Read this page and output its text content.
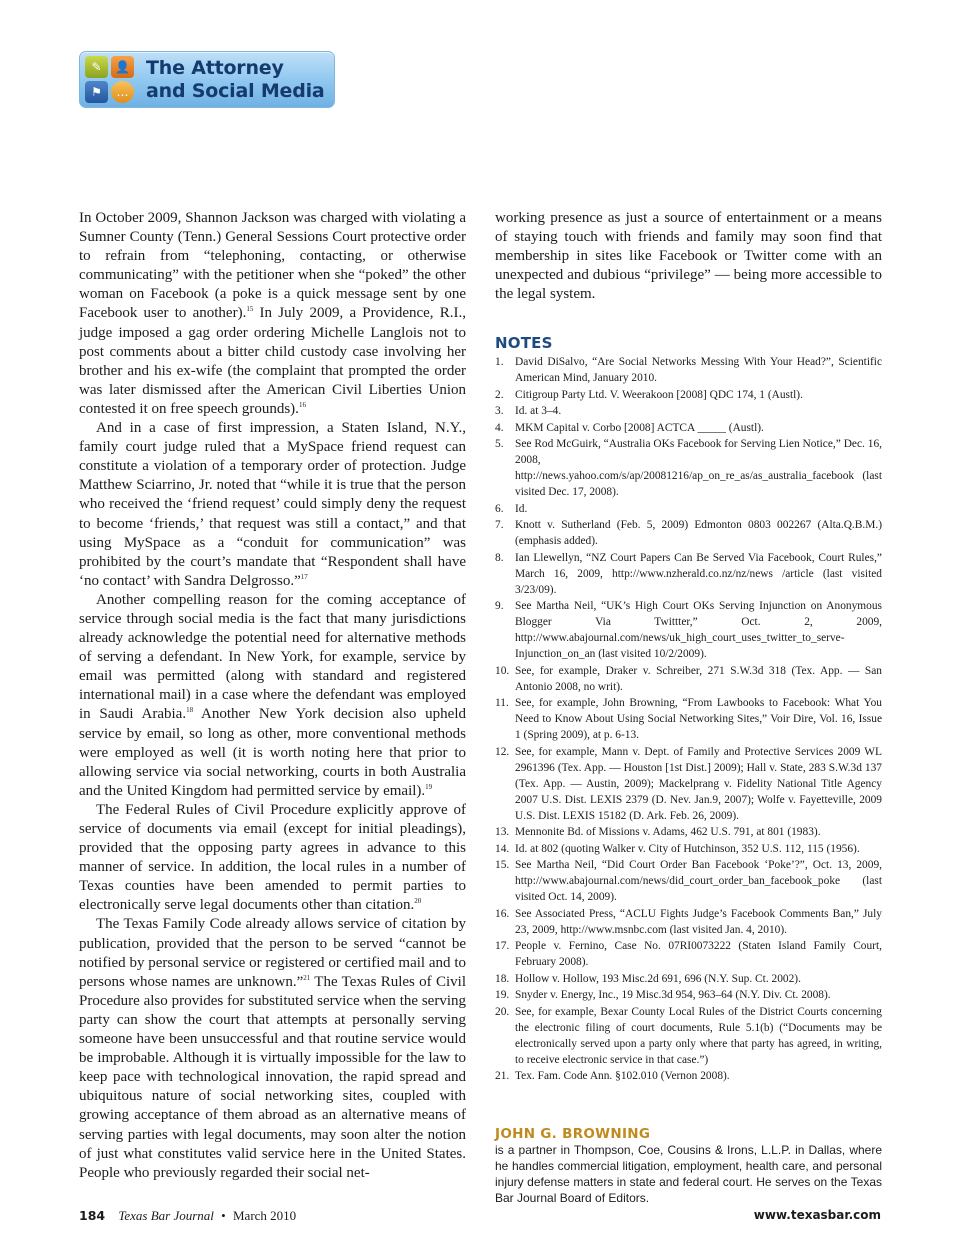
✎	👤
⚑	…
The Attorney
and Social Media

In October 2009, Shannon Jackson was charged with violating a Sumner County (Tenn.) General Sessions Court protective order to refrain from “telephoning, contacting, or otherwise communicating” with the petitioner when she “poked” the other woman on Facebook (a poke is a quick message sent by one Facebook user to another).$^{15}$ In July 2009, a Providence, R.I., judge imposed a gag order ordering Michelle Langlois not to post comments about a bitter child custody case involving her brother and his ex-wife (the complaint that prompted the order was later dismissed after the American Civil Liberties Union contested it on free speech grounds).$^{16}$

And in a case of first impression, a Staten Island, N.Y., family court judge ruled that a MySpace friend request can constitute a violation of a temporary order of protection. Judge Matthew Sciarrino, Jr. noted that “while it is true that the person who received the ‘friend request’ could simply deny the request to become ‘friends,’ that request was still a contact,” and that using MySpace as a “conduit for communication” was prohibited by the court’s mandate that “Respondent shall have ‘no contact’ with Sandra Delgrosso.”$^{17}$

Another compelling reason for the coming acceptance of service through social media is the fact that many jurisdictions already acknowledge the potential need for alternative methods of serving a defendant. In New York, for example, service by email was permitted (along with standard and registered international mail) in a case where the defendant was employed in Saudi Arabia.$^{18}$ Another New York decision also upheld service by email, so long as other, more conventional methods were employed as well (it is worth noting here that prior to allowing service via social networking, courts in both Australia and the United Kingdom had permitted service by email).$^{19}$

The Federal Rules of Civil Procedure explicitly approve of service of documents via email (except for initial pleadings), provided that the opposing party agrees in advance to this manner of service. In addition, the local rules in a number of Texas counties have been amended to permit parties to electronically serve legal documents other than citation.$^{20}$

The Texas Family Code already allows service of citation by publication, provided that the person to be served “cannot be notified by personal service or registered or certified mail and to persons whose names are unknown.”$^{21}$ The Texas Rules of Civil Procedure also provides for substituted service when the serving party can show the court that attempts at personally serving someone have been unsuccessful and that routine service would be improbable. Although it is virtually impossible for the law to keep pace with technological innovation, the rapid spread and ubiquitous nature of social networking sites, coupled with growing acceptance of them abroad as an alternative means of serving parties with legal documents, may soon alter the notion of just what constitutes valid service here in the United States. People who previously regarded their social net-

working presence as just a source of entertainment or a means of staying touch with friends and family may soon find that membership in sites like Facebook or Twitter come with an unexpected and dubious “privilege” — being more accessible to the legal system.

NOTES
1.	David DiSalvo, “Are Social Networks Messing With Your Head?”, Scientific American Mind, January 2010.
2.	Citigroup Party Ltd. V. Weerakoon [2008] QDC 174, 1 (Austl).
3.	Id. at 3–4.
4.	MKM Capital v. Corbo [2008] ACTCA _____ (Austl).
5.	See Rod McGuirk, “Australia OKs Facebook for Serving Lien Notice,” Dec. 16, 2008, http://news.yahoo.com/s/ap/20081216/ap_on_re_as/as_australia_facebook (last visited Dec. 17, 2008).
6.	Id.
7.	Knott v. Sutherland (Feb. 5, 2009) Edmonton 0803 002267 (Alta.Q.B.M.) (emphasis added).
8.	Ian Llewellyn, “NZ Court Papers Can Be Served Via Facebook, Court Rules,” March 16, 2009, http://www.nzherald.co.nz/nz/news /article (last visited 3/23/09).
9.	See Martha Neil, “UK’s High Court OKs Serving Injunction on Anonymous Blogger Via Twittter,” Oct. 2, 2009, http://www.abajournal.com/news/uk_high_court_uses_twitter_to_serve-Injunction_on_an (last visited 10/2/2009).
10. See, for example, Draker v. Schreiber, 271 S.W.3d 318 (Tex. App. — San Antonio 2008, no writ).
11. See, for example, John Browning, “From Lawbooks to Facebook: What You Need to Know About Using Social Networking Sites,” Voir Dire, Vol. 16, Issue 1 (Spring 2009), at p. 6-13.
12. See, for example, Mann v. Dept. of Family and Protective Services 2009 WL 2961396 (Tex. App. — Houston [1st Dist.] 2009); Hall v. State, 283 S.W.3d 137 (Tex. App. — Austin, 2009); Mackelprang v. Fidelity National Title Agency 2007 U.S. Dist. LEXIS 2379 (D. Nev. Jan.9, 2007); Wolfe v. Fayetteville, 2009 U.S. Dist. LEXIS 15182 (D. Ark. Feb. 26, 2009).
13. Mennonite Bd. of Missions v. Adams, 462 U.S. 791, at 801 (1983).
14. Id. at 802 (quoting Walker v. City of Hutchinson, 352 U.S. 112, 115 (1956).
15. See Martha Neil, “Did Court Order Ban Facebook ‘Poke’?”, Oct. 13, 2009, http://www.abajournal.com/news/did_court_order_ban_facebook_poke (last visited Oct. 14, 2009).
16. See Associated Press, “ACLU Fights Judge’s Facebook Comments Ban,” July 23, 2009, http://www.msnbc.com (last visited Jan. 4, 2010).
17. People v. Fernino, Case No. 07RI0073222 (Staten Island Family Court, February 2008).
18. Hollow v. Hollow, 193 Misc.2d 691, 696 (N.Y. Sup. Ct. 2002).
19. Snyder v. Energy, Inc., 19 Misc.3d 954, 963–64 (N.Y. Div. Ct. 2008).
20. See, for example, Bexar County Local Rules of the District Courts concerning the electronic filing of court documents, Rule 5.1(b) (“Documents may be electronically served upon a party only where that party has agreed, in writing, to receive electronic service in that case.”)
21. Tex. Fam. Code Ann. §102.010 (Vernon 2008).
JOHN G. BROWNING

is a partner in Thompson, Coe, Cousins & Irons, L.L.P. in Dallas, where he handles commercial litigation, employment, health care, and personal injury defense matters in state and federal court. He serves on the Texas Bar Journal Board of Editors.

184 Texas Bar Journal • March 2010	www.texasbar.com
